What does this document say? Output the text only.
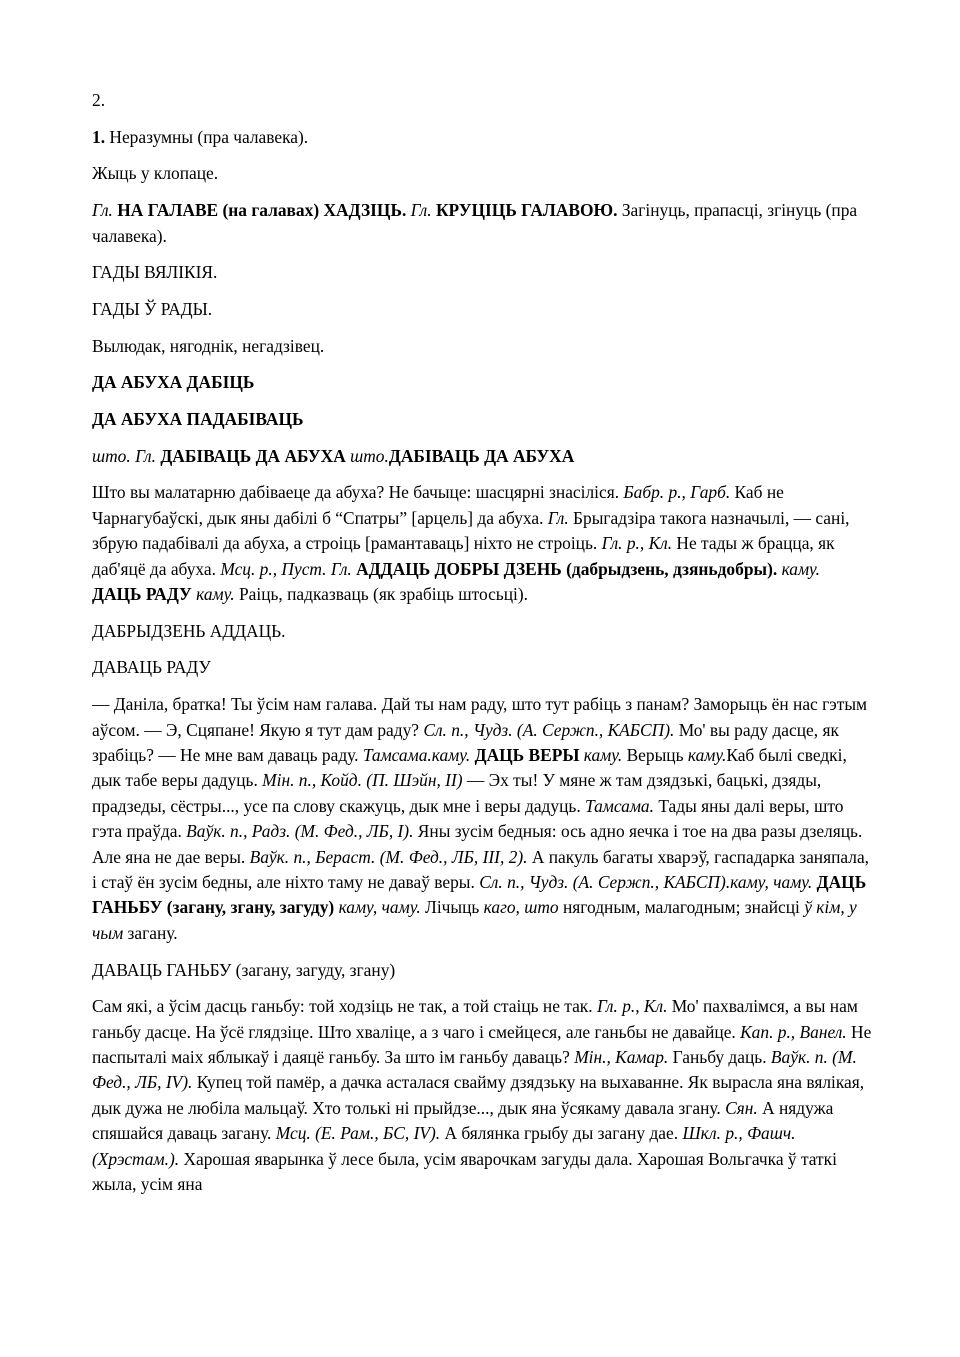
2.

1. Неразумны (пра чалавека).

Жыць у клопаце.

Гл. НА ГАЛАВЕ (на галавах) ХАДЗІЦЬ. Гл. КРУЦІЦЬ ГАЛАВОЮ. Загінуць, прапасці, згінуць (пра чалавека).

ГАДЫ ВЯЛІКІЯ.

ГАДЫ Ў РАДЫ.

Вылюдак, нягоднік, негадзівец.

ДА АБУХА ДАБІЦЬ

ДА АБУХА ПАДАБІВАЦЬ

што. Гл. ДАБІВАЦЬ ДА АБУХА што.ДАБІВАЦЬ ДА АБУХА

Што вы малатарню дабіваеце да абуха? Не бачыце: шасцярні знасіліся. Бабр. р., Гарб. Каб не Чарнагубаўскі, дык яны дабілі б “Спатры” [арцель] да абуха. Гл. Брыгадзіра такога назначылі, — сані, збрую падабівалі да абуха, а строіць [рамантаваць] ніхто не строіць. Гл. р., Кл. Не тады ж брацца, як даб'яцё да абуха. Мсц. р., Пуст. Гл. АДДАЦЬ ДОБРЫ ДЗЕНЬ (дабрыдзень, дзяньдобры). каму. ДАЦЬ РАДУ каму. Раіць, падказваць (як зрабіць штосьці).

ДАБРЫДЗЕНЬ АДДАЦЬ.

ДАВАЦЬ РАДУ

— Даніла, братка! Ты ўсім нам галава. Дай ты нам раду, што тут рабіць з панам? Заморыць ён нас гэтым аўсом. — Э, Сцяпане! Якую я тут дам раду? Сл. п., Чудз. (А. Сержп., КАБСП). Мо' вы раду дасце, як зрабіць? — Не мне вам даваць раду. Тамсама.каму. ДАЦЬ ВЕРЫ каму. Верыць каму.Каб былі сведкі, дык табе веры дадуць. Мін. п., Койд. (П. Шэйн, II) — Эх ты! У мяне ж там дзядзькі, бацькі, дзяды, прадзеды, сёстры..., усе па слову скажуць, дык мне і веры дадуць. Тамсама. Тады яны далі веры, што гэта праўда. Ваўк. п., Радз. (М. Фед., ЛБ, І). Яны зусім бедныя: ось адно яечка і тое на два разы дзеляць. Але яна не дае веры. Ваўк. п., Бераст. (М. Фед., ЛБ, III, 2). А пакуль багаты хварэў, гаспадарка заняпала, і стаў ён зусім бедны, але ніхто таму не даваў веры. Сл. п., Чудз. (А. Сержп., КАБСП).каму, чаму. ДАЦЬ ГАНЬБУ (загану, згану, загуду) каму, чаму. Лічыць каго, што нягодным, малагодным; знайсці ў кім, у чым загану.

ДАВАЦЬ ГАНЬБУ (загану, загуду, згану)

Сам які, а ўсім дасць ганьбу: той ходзіць не так, а той стаіць не так. Гл. р., Кл. Мо' пахвалімся, а вы нам ганьбу дасце. На ўсё глядзіце. Што хваліце, а з чаго і смейцеся, але ганьбы не давайце. Кап. р., Ванел. Не паспыталі маіх яблыкаў і даяцё ганьбу. За што ім ганьбу даваць? Мін., Камар. Ганьбу даць. Ваўк. п. (М. Фед., ЛБ, IV). Купец той памёр, а дачка асталася свайму дзядзьку на выхаванне. Як вырасла яна вялікая, дык дужа не любіла мальцаў. Хто толькі ні прыйдзе..., дык яна ўсякаму давала згану. Сян. А нядужа спяшайся даваць загану. Мсц. (Е. Рам., БС, IV). А бялянка грыбу ды загану дае. Шкл. р., Фашч. (Хрэстам.). Харошая яварынка ў лесе была, усім яварочкам загуды дала. Харошая Вольгачка ў таткі жыла, усім яна
